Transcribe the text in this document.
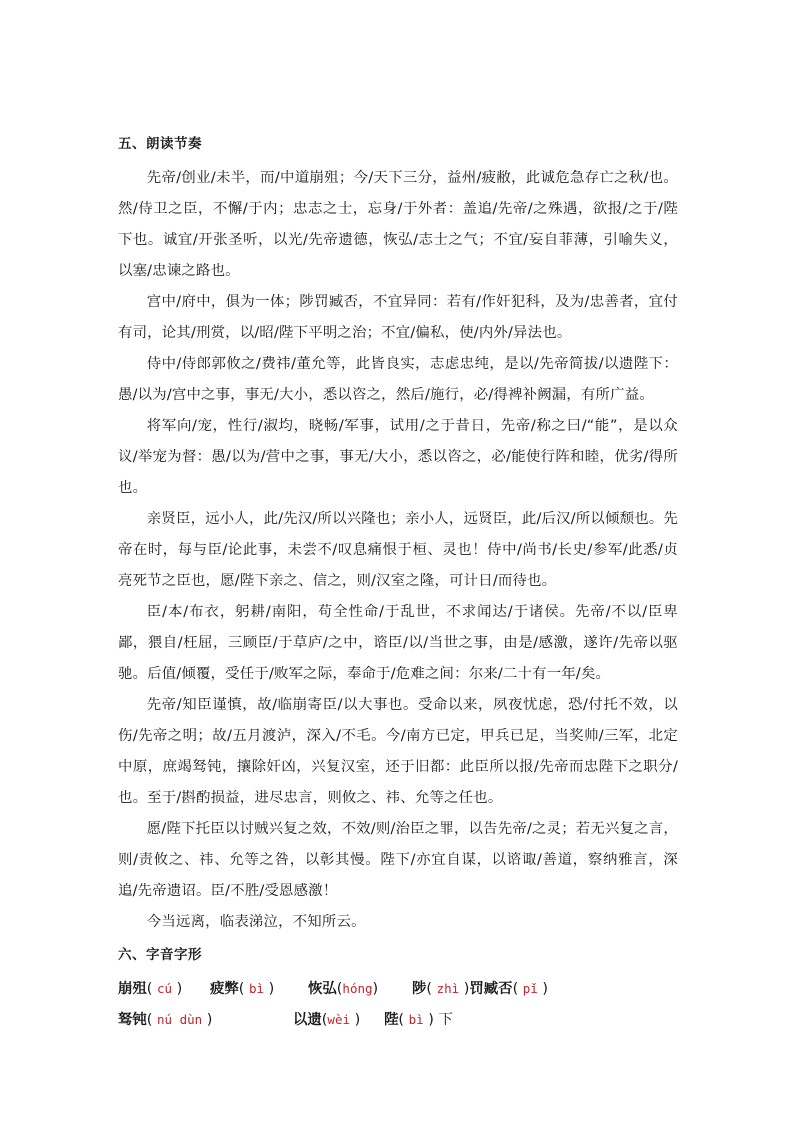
五、朗读节奏

先帝/创业/未半，而/中道崩殂；今/天下三分，益州/疲敝，此诚危急存亡之秋/也。然/侍卫之臣，不懈/于内；忠志之士，忘身/于外者：盖追/先帝/之殊遇，欲报/之于/陛下也。诚宜/开张圣听，以光/先帝遗德，恢弘/志士之气；不宜/妄自菲薄，引喻失义，以塞/忠谏之路也。

宫中/府中，俱为一体；陟罚臧否，不宜异同：若有/作奸犯科，及为/忠善者，宜付有司，论其/刑赏，以/昭/陛下平明之治；不宜/偏私，使/内外/异法也。

侍中/侍郎郭攸之/费祎/董允等，此皆良实，志虑忠纯，是以/先帝简拔/以遗陛下：愚/以为/宫中之事，事无/大小，悉以咨之，然后/施行，必/得裨补阙漏，有所广益。

将军向/宠，性行/淑均，晓畅/军事，试用/之于昔日，先帝/称之曰/“能”，是以众议/举宠为督：愚/以为/营中之事，事无/大小，悉以咨之，必/能使行阵和睦，优劣/得所也。

亲贤臣，远小人，此/先汉/所以兴隆也；亲小人，远贤臣，此/后汉/所以倾颓也。先帝在时，每与臣/论此事，未尝不/叹息痛恨于桓、灵也！侍中/尚书/长史/参军/此悉/贞亮死节之臣也，愿/陛下亲之、信之，则/汉室之隆，可计日/而待也。

臣/本/布衣，躬耕/南阳，苟全性命/于乱世，不求闻达/于诸侯。先帝/不以/臣卑鄙，猥自/枉屈，三顾臣/于草庐/之中，谘臣/以/当世之事，由是/感激，遂许/先帝以驱驰。后值/倾覆，受任于/败军之际，奉命于/危难之间：尔来/二十有一年/矣。

先帝/知臣谨慎，故/临崩寄臣/以大事也。受命以来，夙夜忧虑，恐/付托不效，以伤/先帝之明；故/五月渡泸，深入/不毛。今/南方已定，甲兵已足，当奖帅/三军，北定中原，庶竭驽钝，攘除奸凶，兴复汉室，还于旧都：此臣所以报/先帝而忠陛下之职分/也。至于/斟酌损益，进尽忠言，则攸之、祎、允等之任也。

愿/陛下托臣以讨贼兴复之效，不效/则/治臣之罪，以告先帝/之灵；若无兴复之言，则/责攸之、祎、允等之咎，以彰其慢。陛下/亦宜自谋，以谘诹/善道，察纳雅言，深追/先帝遗诏。臣/不胜/受恩感激！

今当远离，临表涕泣，不知所云。

六、字音字形
崩殂( cú ) 疲弊( bì ) 恢弘(hóng) 陟( zhì )罚臧否( pǐ )
驽钝( nú dùn )	以遗(wèi ) 陛( bì ) 下
